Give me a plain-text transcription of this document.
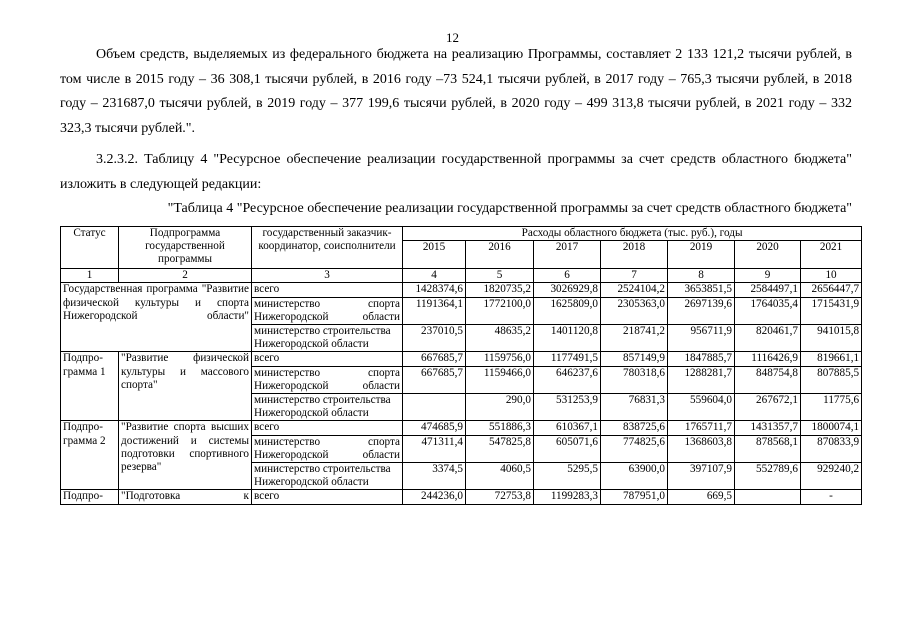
12

Объем средств, выделяемых из федерального бюджета на реализацию Программы, составляет 2 133 121,2 тысячи рублей, в том числе в 2015 году – 36 308,1 тысячи рублей, в 2016 году –73 524,1 тысячи рублей, в 2017 году – 765,3 тысячи рублей, в 2018 году – 231687,0 тысячи рублей, в 2019 году – 377 199,6 тысячи рублей, в 2020 году – 499 313,8 тысячи рублей, в 2021 году – 332 323,3 тысячи рублей.".

3.2.3.2. Таблицу 4 "Ресурсное обеспечение реализации государственной программы за счет средств областного бюджета" изложить в следующей редакции:

"Таблица 4 "Ресурсное обеспечение реализации государственной программы за счет средств областного бюджета"

Статус	Подпрограмма государственной программы	государственный заказчик-координатор, соисполнители	Расходы областного бюджета (тыс. руб.), годы						
			2015	2016	2017	2018	2019	2020	2021
1	2	3	4	5	6	7	8	9	10
Государственная программа "Развитие физической культуры и спорта Нижегородской области"		всего	1428374,6	1820735,2	3026929,8	2524104,2	3653851,5	2584497,1	2656447,7
		министерство спорта Нижегородской области	1191364,1	1772100,0	1625809,0	2305363,0	2697139,6	1764035,4	1715431,9
		министерство строительства Нижегородской области	237010,5	48635,2	1401120,8	218741,2	956711,9	820461,7	941015,8
Подпро-грамма 1	"Развитие физической культуры и массового спорта"	всего	667685,7	1159756,0	1177491,5	857149,9	1847885,7	1116426,9	819661,1
		министерство спорта Нижегородской области	667685,7	1159466,0	646237,6	780318,6	1288281,7	848754,8	807885,5
		министерство строительства Нижегородской области		290,0	531253,9	76831,3	559604,0	267672,1	11775,6
Подпро-грамма 2	"Развитие спорта высших достижений и системы подготовки спортивного резерва"	всего	474685,9	551886,3	610367,1	838725,6	1765711,7	1431357,7	1800074,1
		министерство спорта Нижегородской области	471311,4	547825,8	605071,6	774825,6	1368603,8	878568,1	870833,9
		министерство строительства Нижегородской области	3374,5	4060,5	5295,5	63900,0	397107,9	552789,6	929240,2
Подпро-	"Подготовка к	всего	244236,0	72753,8	1199283,3	787951,0	669,5		-
